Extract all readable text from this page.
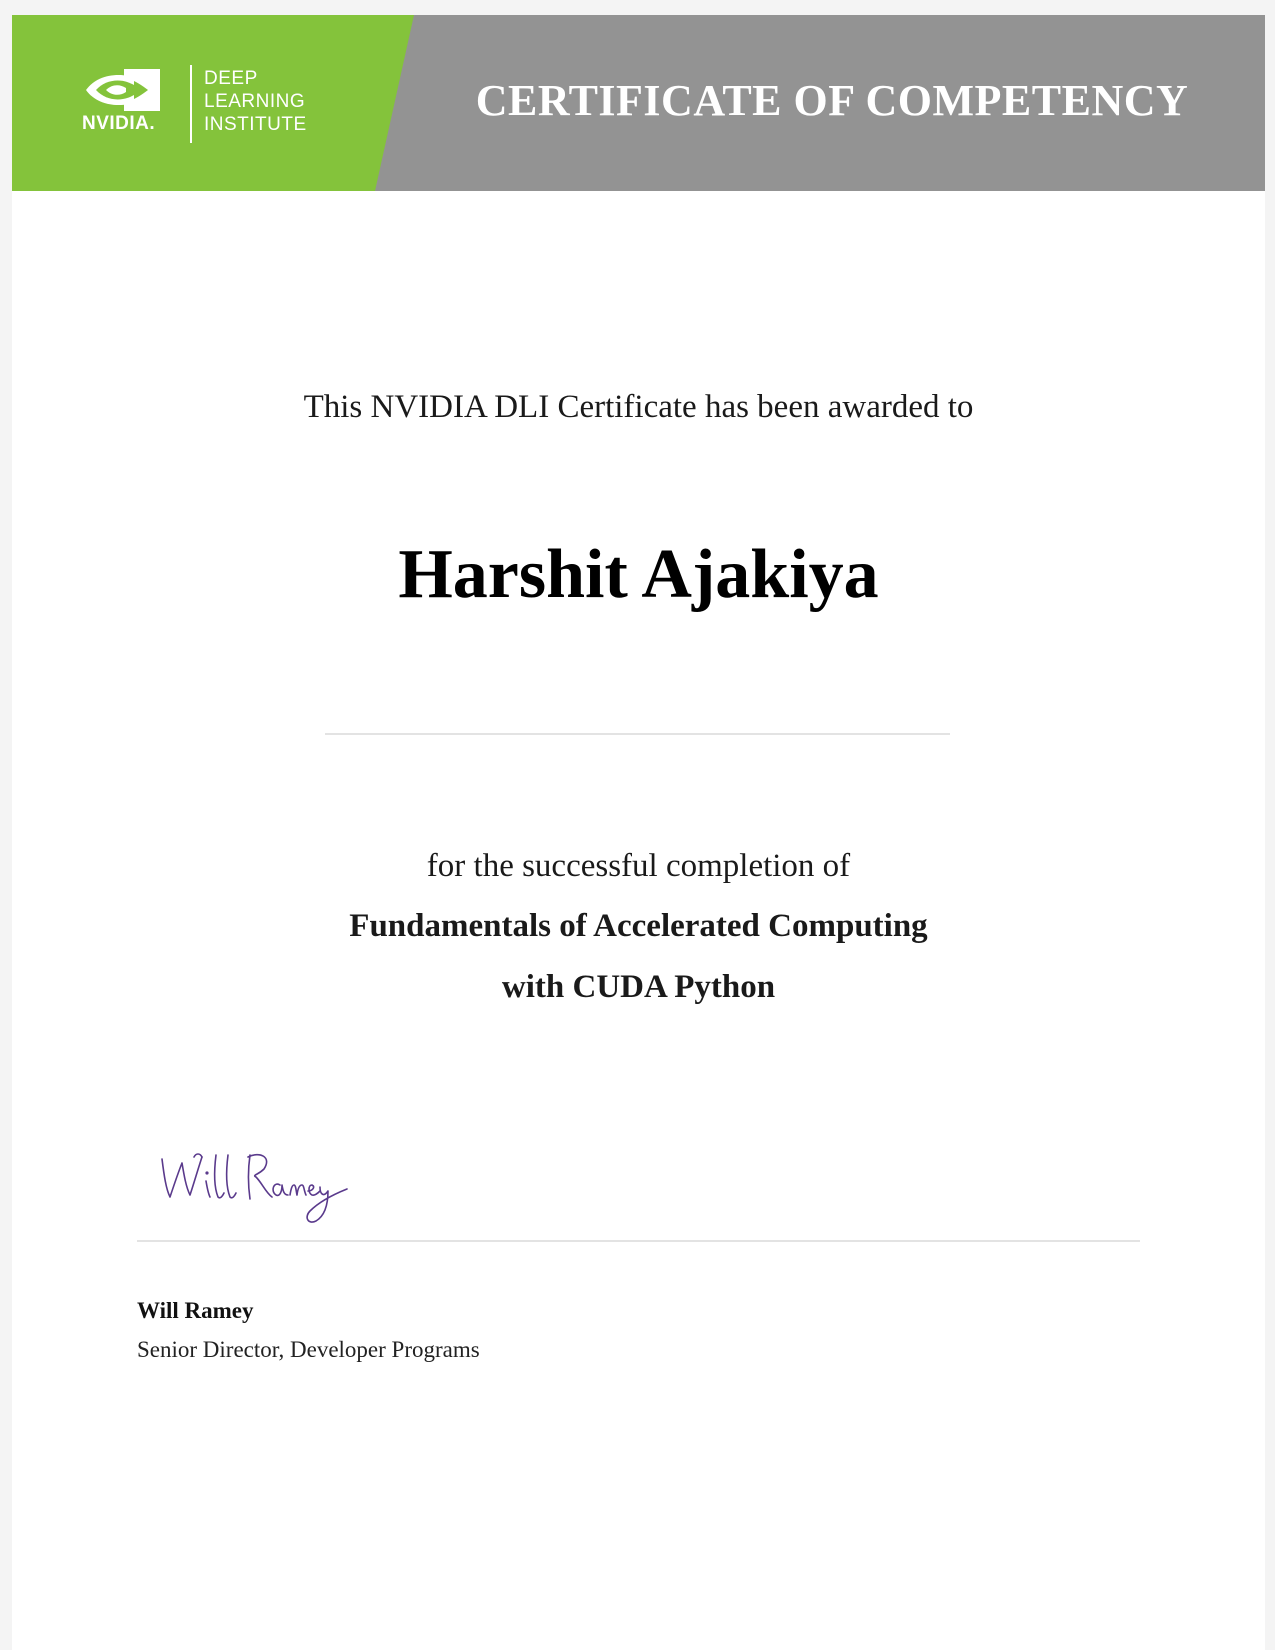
NVIDIA.
DEEP
LEARNING
INSTITUTE	CERTIFICATE OF COMPETENCY
This NVIDIA DLI Certificate has been awarded to
Harshit Ajakiya
for the successful completion of
Fundamentals of Accelerated Computing
with CUDA Python
Will Ramey
Senior Director, Developer Programs
